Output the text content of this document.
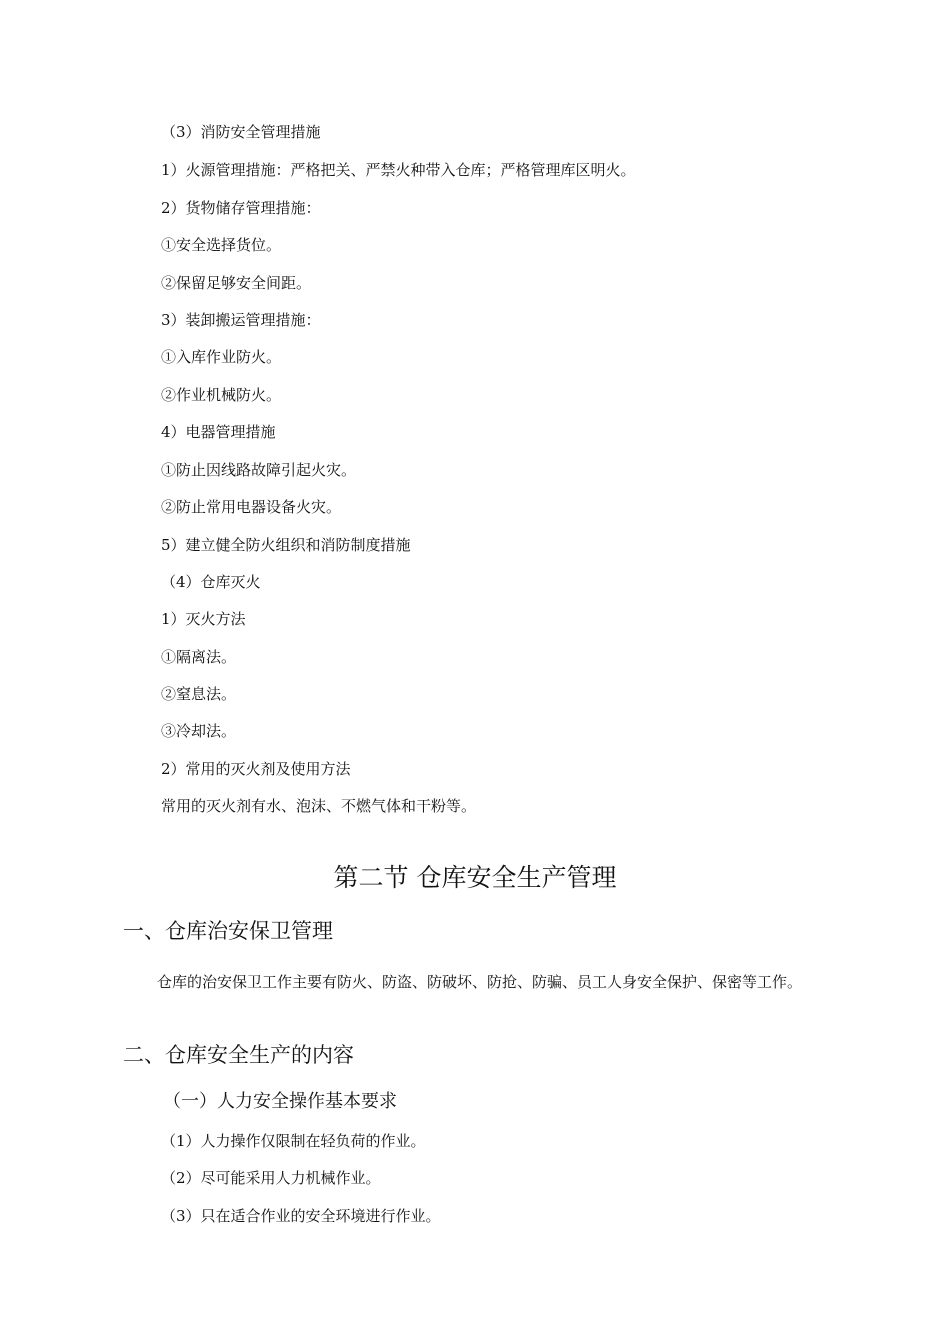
（3）消防安全管理措施
1）火源管理措施：严格把关、严禁火种带入仓库；严格管理库区明火。
2）货物储存管理措施：
①安全选择货位。
②保留足够安全间距。
3）装卸搬运管理措施：
①入库作业防火。
②作业机械防火。
4）电器管理措施
①防止因线路故障引起火灾。
②防止常用电器设备火灾。
5）建立健全防火组织和消防制度措施
（4）仓库灭火
1）灭火方法
①隔离法。
②窒息法。
③冷却法。
2）常用的灭火剂及使用方法
常用的灭火剂有水、泡沫、不燃气体和干粉等。
第二节 仓库安全生产管理
一、仓库治安保卫管理
仓库的治安保卫工作主要有防火、防盗、防破坏、防抢、防骗、员工人身安全保护、保密等工作。
二、仓库安全生产的内容
（一）人力安全操作基本要求
（1）人力操作仅限制在轻负荷的作业。
（2）尽可能采用人力机械作业。
（3）只在适合作业的安全环境进行作业。
